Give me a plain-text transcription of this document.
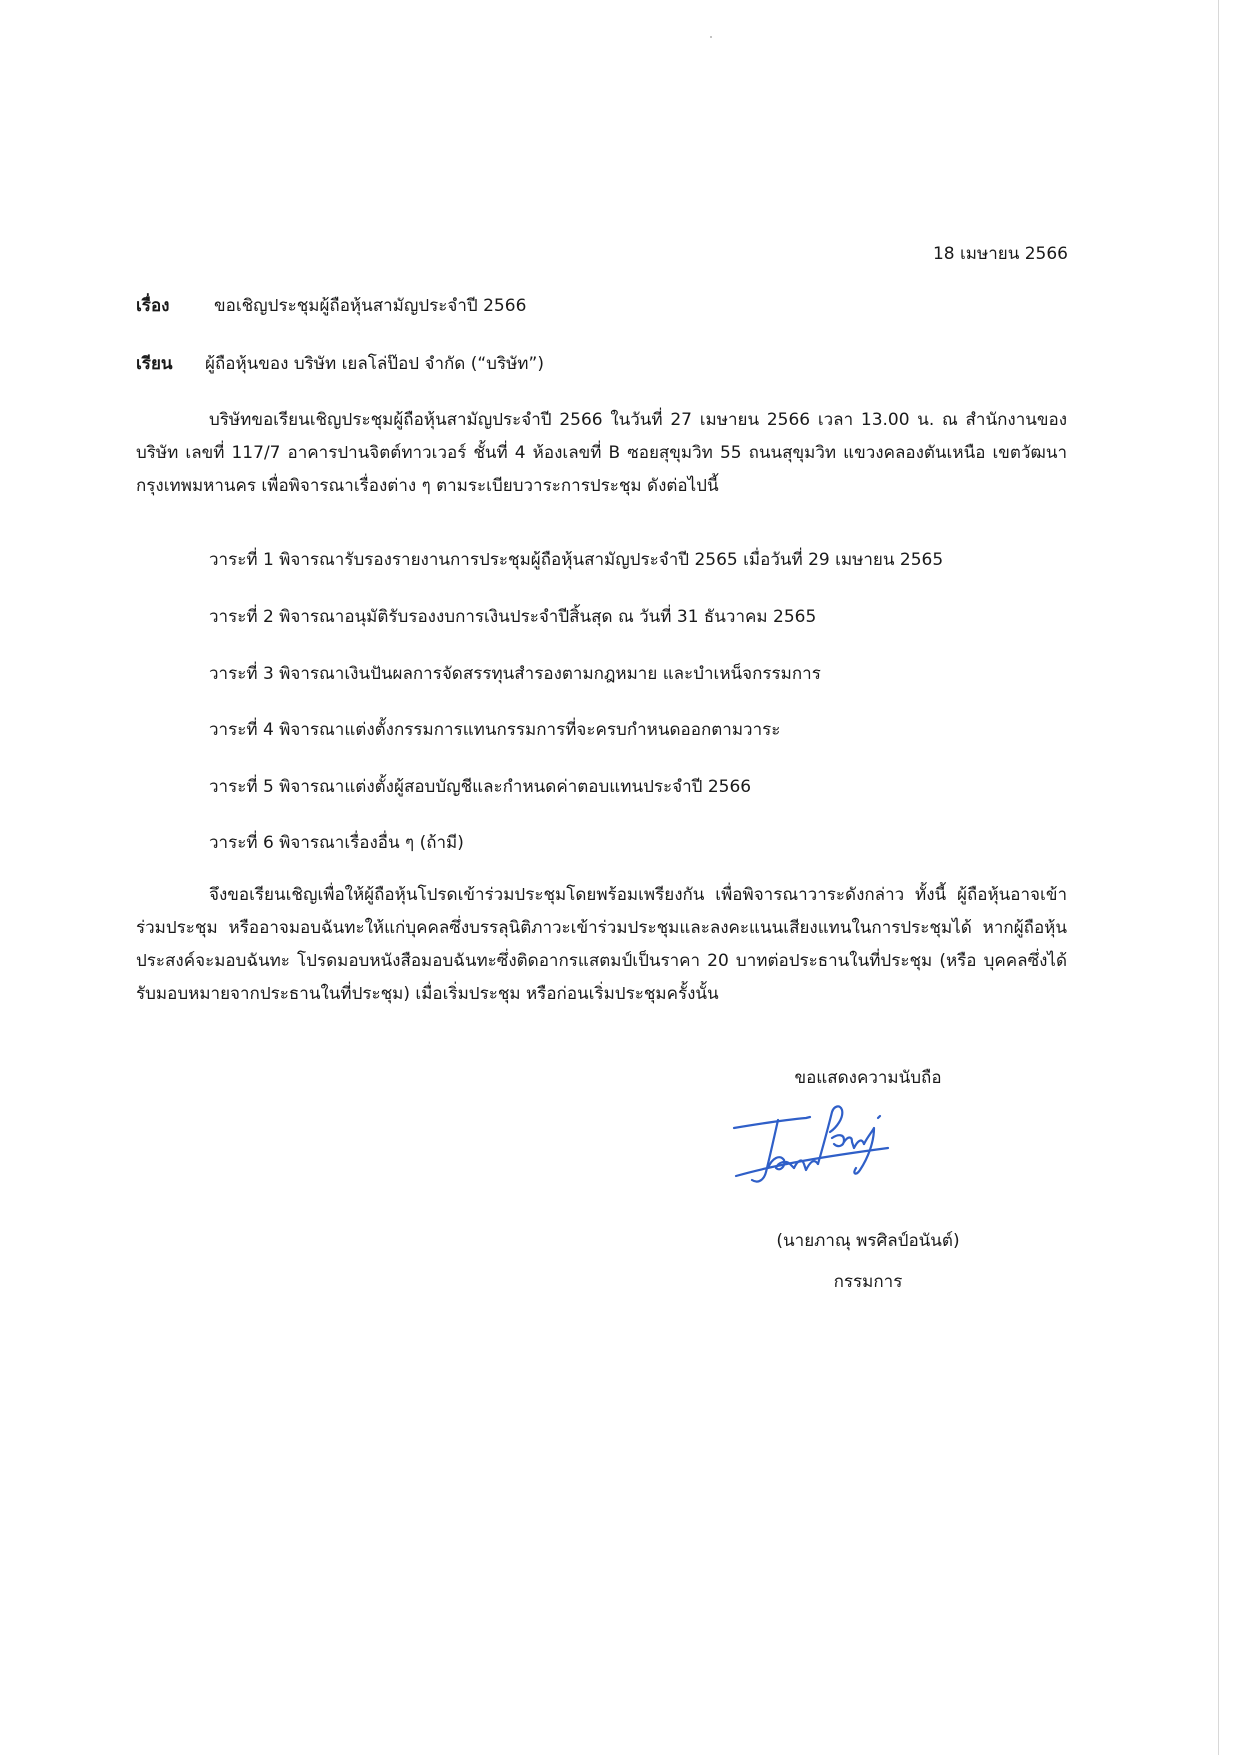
18 เมษายน 2566
เรื่อง	ขอเชิญประชุมผู้ถือหุ้นสามัญประจำปี 2566
เรียน ผู้ถือหุ้นของ บริษัท เยลโล่ป๊อป จำกัด (“บริษัท”)
บริษัทขอเรียนเชิญประชุมผู้ถือหุ้นสามัญประจำปี 2566 ในวันที่ 27 เมษายน 2566 เวลา 13.00 น. ณ สำนักงานของ บริษัท เลขที่ 117/7 อาคารปานจิตต์ทาวเวอร์ ชั้นที่ 4 ห้องเลขที่ B ซอยสุขุมวิท 55 ถนนสุขุมวิท แขวงคลองตันเหนือ เขตวัฒนา กรุงเทพมหานคร เพื่อพิจารณาเรื่องต่าง ๆ ตามระเบียบวาระการประชุม ดังต่อไปนี้
วาระที่ 1 พิจารณารับรองรายงานการประชุมผู้ถือหุ้นสามัญประจำปี 2565 เมื่อวันที่ 29 เมษายน 2565
วาระที่ 2 พิจารณาอนุมัติรับรองงบการเงินประจำปีสิ้นสุด ณ วันที่ 31 ธันวาคม 2565
วาระที่ 3 พิจารณาเงินปันผลการจัดสรรทุนสำรองตามกฎหมาย และบำเหน็จกรรมการ
วาระที่ 4 พิจารณาแต่งตั้งกรรมการแทนกรรมการที่จะครบกำหนดออกตามวาระ
วาระที่ 5 พิจารณาแต่งตั้งผู้สอบบัญชีและกำหนดค่าตอบแทนประจำปี 2566
วาระที่ 6 พิจารณาเรื่องอื่น ๆ (ถ้ามี)
จึงขอเรียนเชิญเพื่อให้ผู้ถือหุ้นโปรดเข้าร่วมประชุมโดยพร้อมเพรียงกัน เพื่อพิจารณาวาระดังกล่าว ทั้งนี้ ผู้ถือหุ้นอาจเข้า ร่วมประชุม หรืออาจมอบฉันทะให้แก่บุคคลซึ่งบรรลุนิติภาวะเข้าร่วมประชุมและลงคะแนนเสียงแทนในการประชุมได้ หากผู้ถือหุ้นประสงค์จะมอบฉันทะ โปรดมอบหนังสือมอบฉันทะซึ่งติดอากรแสตมป์เป็นราคา 20 บาทต่อประธานในที่ประชุม (หรือ บุคคลซึ่งได้รับมอบหมายจากประธานในที่ประชุม) เมื่อเริ่มประชุม หรือก่อนเริ่มประชุมครั้งนั้น
ขอแสดงความนับถือ
(นายภาณุ พรศิลป์อนันต์)
กรรมการ
